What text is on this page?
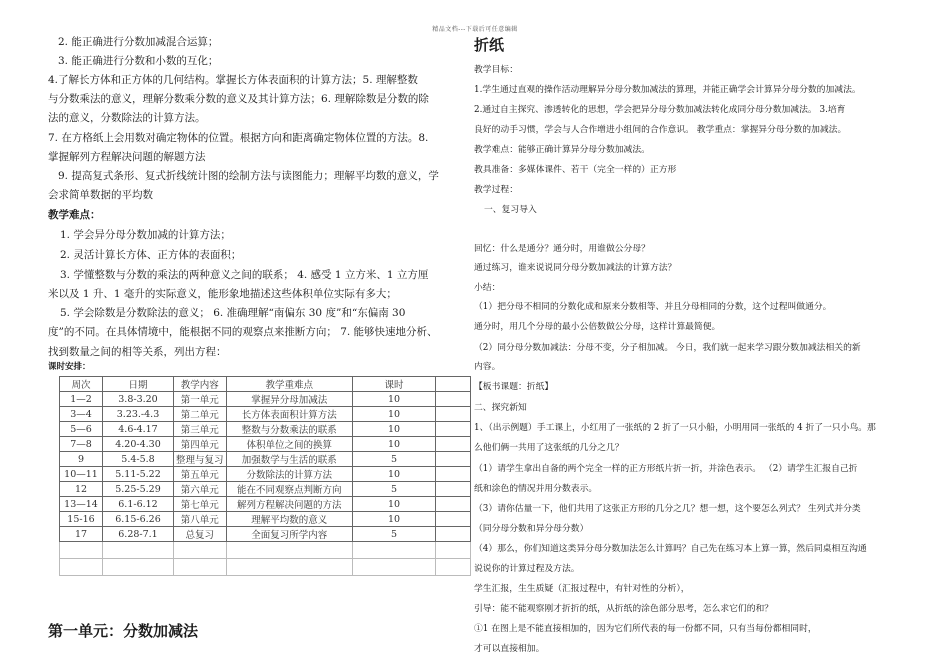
精品文档---下载后可任意编辑

2. 能正确进行分数加减混合运算；

3. 能正确进行分数和小数的互化；

4.了解长方体和正方体的几何结构。掌握长方体表面积的计算方法；5. 理解整数

与分数乘法的意义，理解分数乘分数的意义及其计算方法；6. 理解除数是分数的除

法的意义，分数除法的计算方法。

7. 在方格纸上会用数对确定物体的位置。根据方向和距离确定物体位置的方法。8.

掌握解列方程解决问题的解题方法

9. 提高复式条形、复式折线统计图的绘制方法与读图能力；理解平均数的意义，学

会求简单数据的平均数

教学难点：

1. 学会异分母分数加减的计算方法；

2. 灵活计算长方体、正方体的表面积；

3. 学懂整数与分数的乘法的两种意义之间的联系； 4. 感受 1 立方米、1 立方厘

米以及 1 升、1 毫升的实际意义，能形象地描述这些体积单位实际有多大；

5. 学会除数是分数除法的意义； 6. 准确理解“南偏东 30 度”和“东偏南 30

度”的不同。在具体情境中，能根据不同的观察点来推断方向； 7. 能够快速地分析、

找到数量之间的相等关系，列出方程：

课时安排：

周次	日期	教学内容	教学重难点	课时	
1—2	3.8-3.20	第一单元	掌握异分母加减法	10	
3—4	3.23.-4.3	第二单元	长方体表面积计算方法	10	
5—6	4.6-4.17	第三单元	整数与分数乘法的联系	10	
7—8	4.20-4.30	第四单元	体积单位之间的换算	10	
9	5.4-5.8	整理与复习	加强数学与生活的联系	5	
10—11	5.11-5.22	第五单元	分数除法的计算方法	10	
12	5.25-5.29	第六单元	能在不同观察点判断方向	5	
13—14	6.1-6.12	第七单元	解列方程解决问题的方法	10	
15-16	6.15-6.26	第八单元	理解平均数的意义	10	
17	6.28-7.1	总复习	全面复习所学内容	5	

第一单元：分数加减法

折纸

教学目标：

1.学生通过直观的操作活动理解异分母分数加减法的算理，并能正确学会计算异分母分数的加减法。

2.通过自主探究、渗透转化的思想，学会把异分母分数加减法转化成同分母分数加减法。 3.培育

良好的动手习惯，学会与人合作增进小组间的合作意识。 教学重点：掌握异分母分数的加减法。

教学难点：能够正确计算异分母分数加减法。

教具准备：多媒体课件、若干（完全一样的）正方形

教学过程：

一、复习导入

回忆：什么是通分？通分时，用谁做公分母？

通过练习，谁来说说同分母分数加减法的计算方法？

小结：

（1）把分母不相同的分数化成和原来分数相等、并且分母相同的分数，这个过程叫做通分。

通分时，用几个分母的最小公倍数做公分母，这样计算最简便。

（2）同分母分数加减法：分母不变，分子相加减。 今日，我们就一起来学习跟分数加减法相关的新

内容。

【板书课题：折纸】

二、探究新知

1、（出示例题）手工课上，小红用了一张纸的 2 折了一只小船，小明用同一张纸的 4 折了一只小鸟。那

么他们俩一共用了这张纸的几分之几？

（1）请学生拿出自备的两个完全一样的正方形纸片折一折，并涂色表示。 （2）请学生汇报自己折

纸和涂色的情况并用分数表示。

（3）请你估量一下，他们共用了这张正方形的几分之几？想一想，这个要怎么列式？ 生列式并分类

（同分母分数和异分母分数）

（4）那么，你们知道这类异分母分数加法怎么计算吗？自己先在练习本上算一算，然后同桌相互沟通

说说你的计算过程及方法。

学生汇报，生生质疑（汇报过程中，有针对性的分析），

引导：能不能观察刚才折折的纸，从折纸的涂色部分思考，怎么求它们的和？

①1 在图上是不能直接相加的，因为它们所代表的每一份都不同，只有当每份都相同时，

才可以直接相加。
